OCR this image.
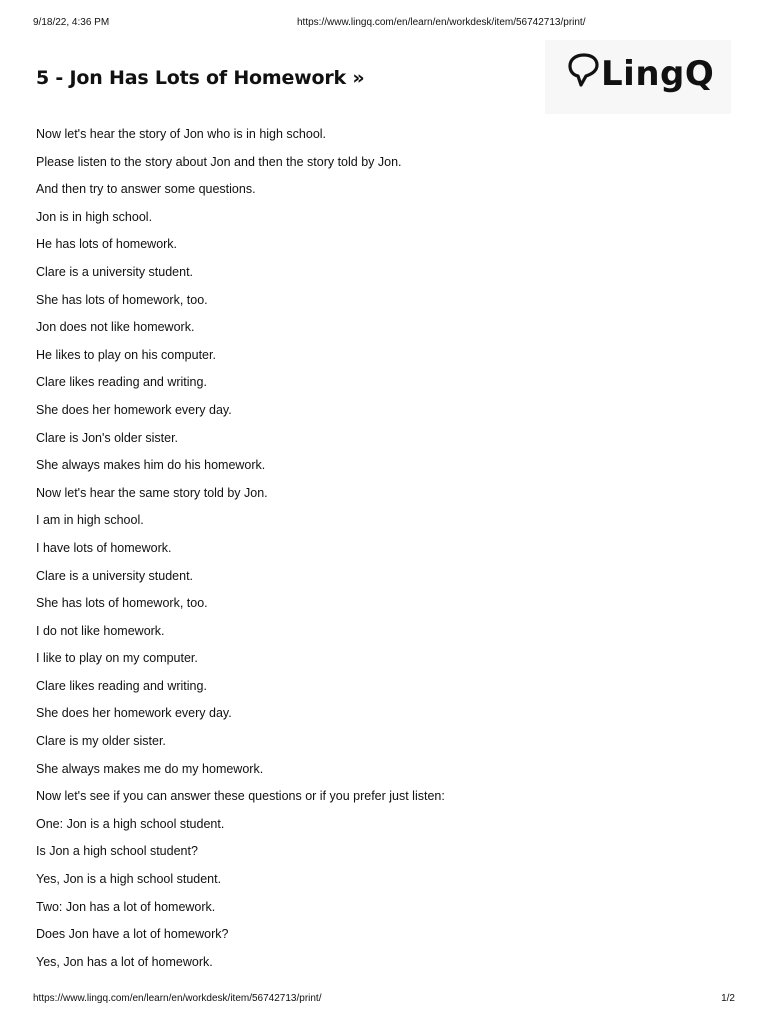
9/18/22, 4:36 PM	https://www.lingq.com/en/learn/en/workdesk/item/56742713/print/
5 - Jon Has Lots of Homework »	LingQ
Now let's hear the story of Jon who is in high school.
Please listen to the story about Jon and then the story told by Jon.
And then try to answer some questions.
Jon is in high school.
He has lots of homework.
Clare is a university student.
She has lots of homework, too.
Jon does not like homework.
He likes to play on his computer.
Clare likes reading and writing.
She does her homework every day.
Clare is Jon's older sister.
She always makes him do his homework.
Now let's hear the same story told by Jon.
I am in high school.
I have lots of homework.
Clare is a university student.
She has lots of homework, too.
I do not like homework.
I like to play on my computer.
Clare likes reading and writing.
She does her homework every day.
Clare is my older sister.
She always makes me do my homework.
Now let's see if you can answer these questions or if you prefer just listen:
One: Jon is a high school student.
Is Jon a high school student?
Yes, Jon is a high school student.
Two: Jon has a lot of homework.
Does Jon have a lot of homework?
Yes, Jon has a lot of homework.
https://www.lingq.com/en/learn/en/workdesk/item/56742713/print/	1/2
